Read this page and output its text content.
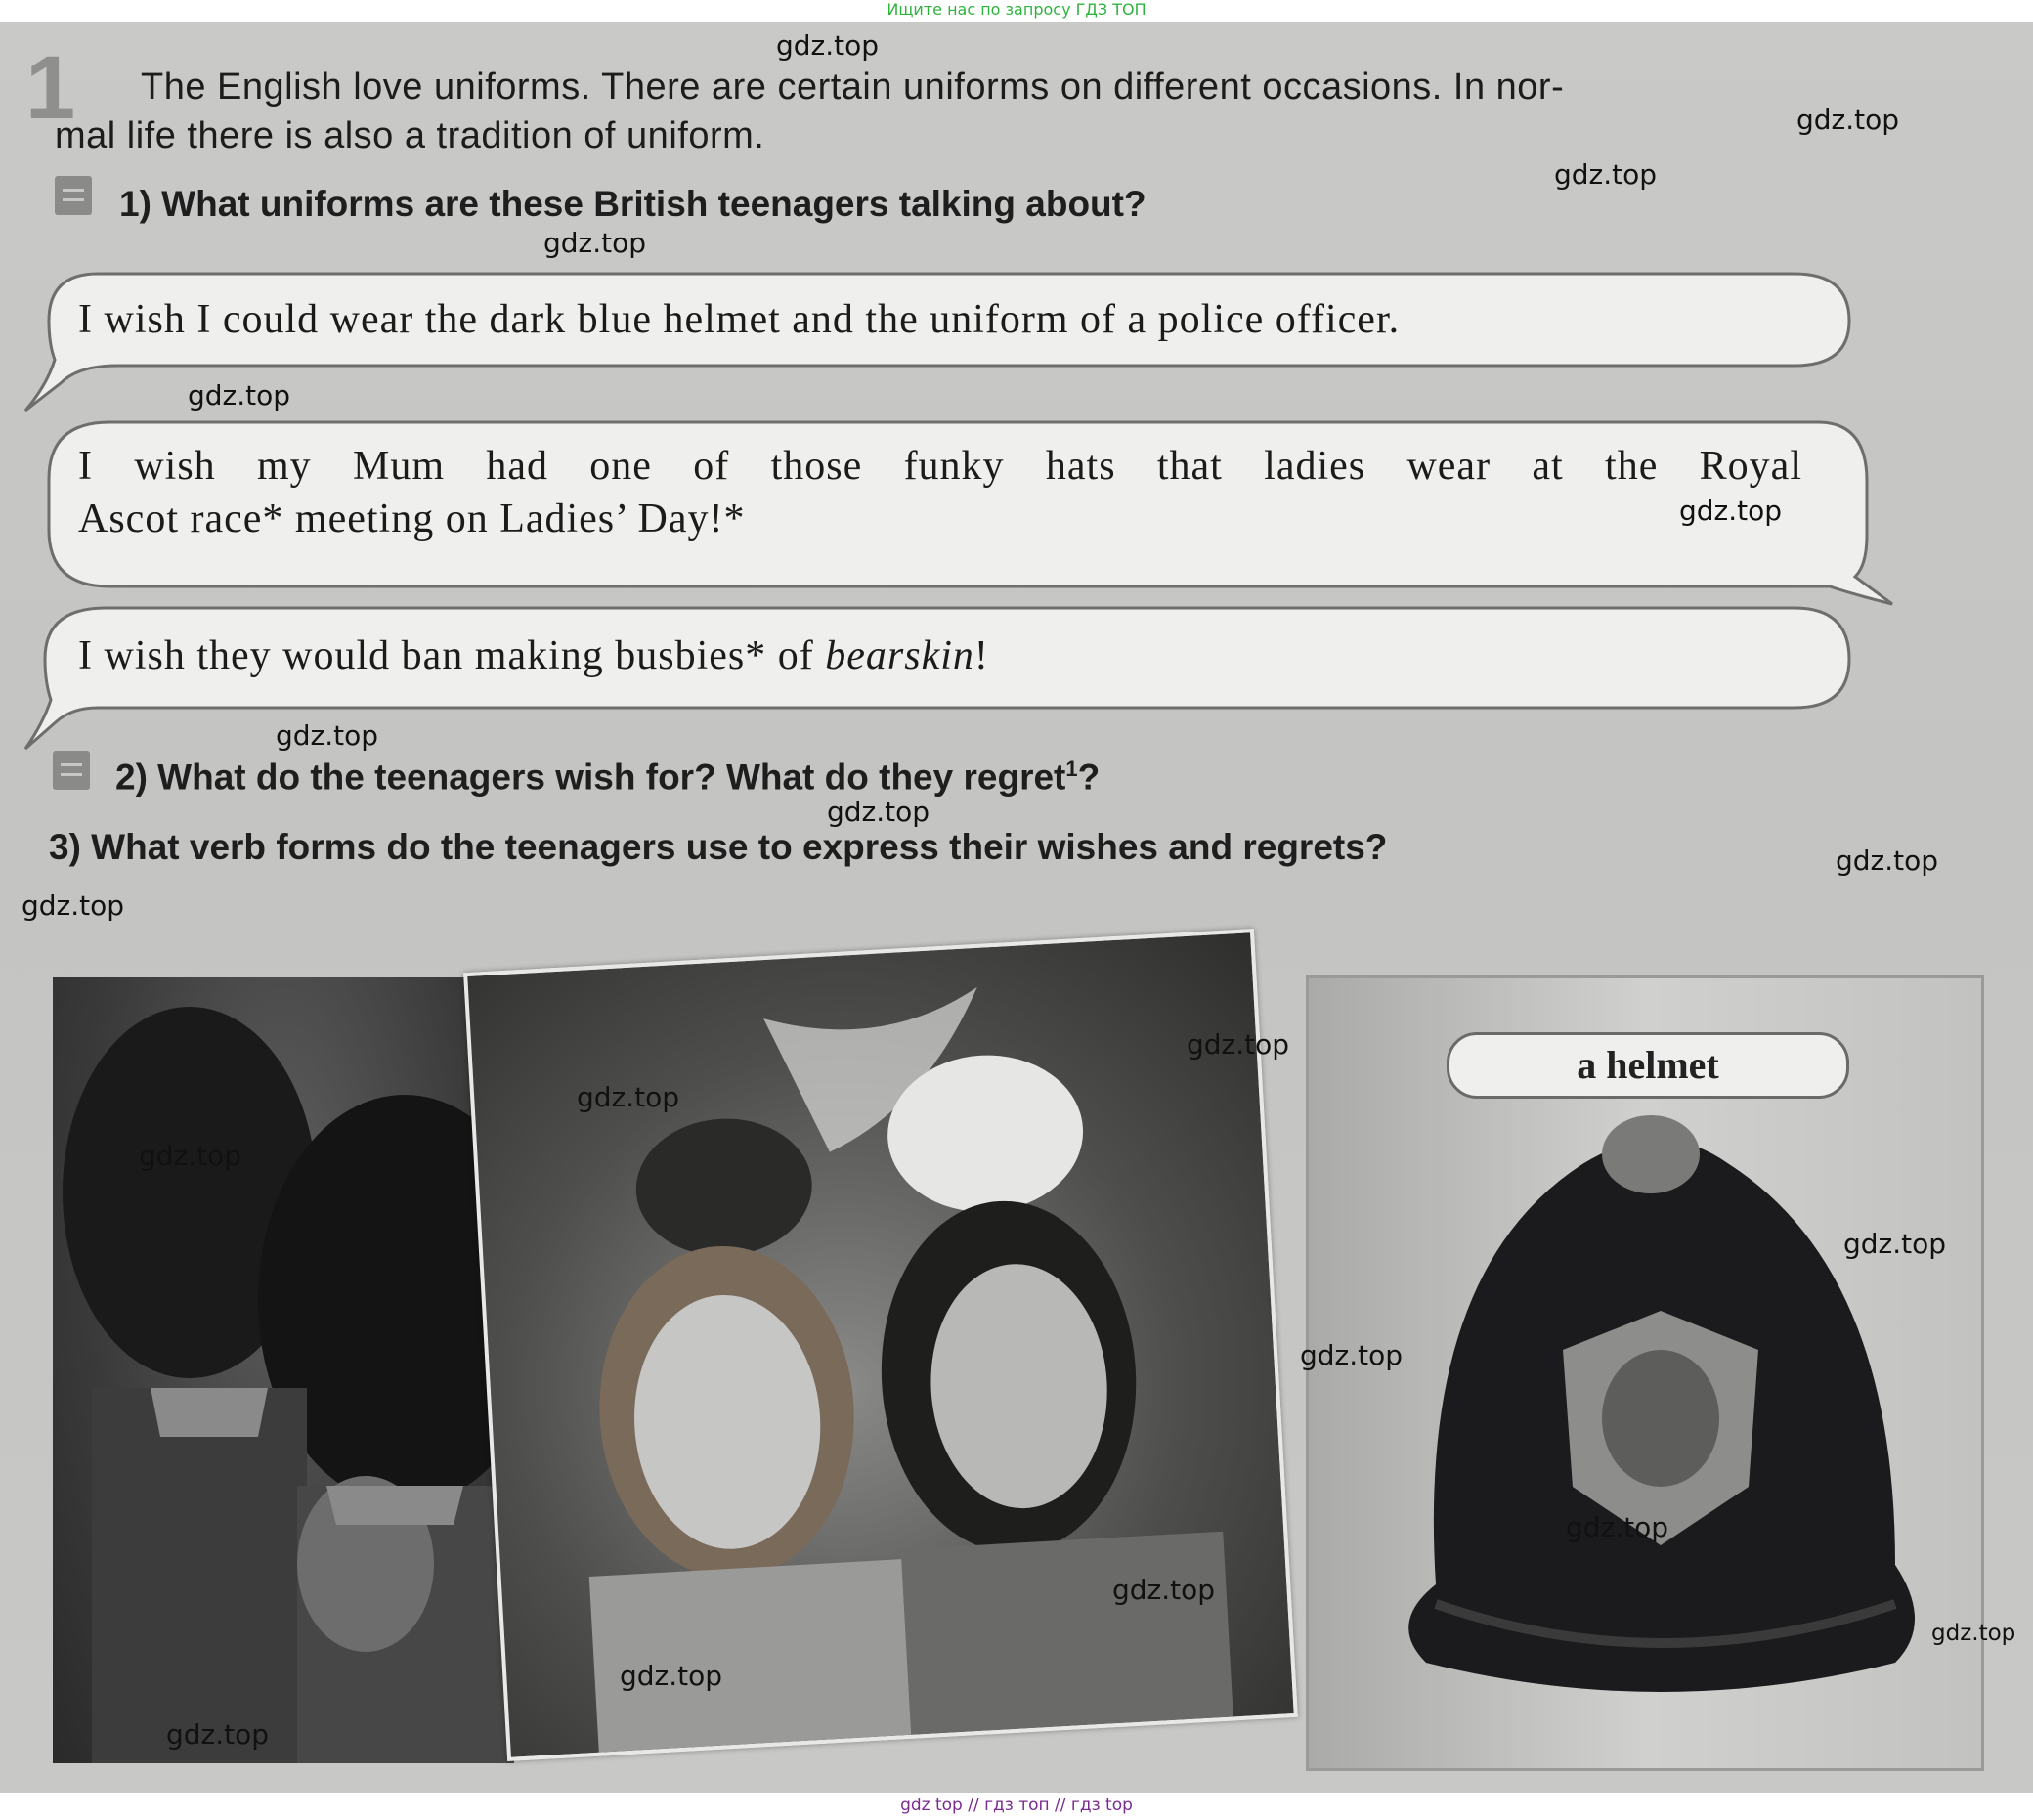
Ищите нас по запросу ГДЗ ТОП
1	The English love uniforms. There are certain uniforms on different occasions. In nor-
mal life there is also a tradition of uniform.
1) What uniforms are these British teenagers talking about?
I wish I could wear the dark blue helmet and the uniform of a police officer.
I wish my Mum had one of those funky hats that ladies wear at the Royal
Ascot race* meeting on Ladies’ Day!*
I wish they would ban making busbies* of bearskin!
2) What do the teenagers wish for? What do they regret$^1$?
3) What verb forms do the teenagers use to express their wishes and regrets?
a helmet
gdz.top
gdz.top
gdz.top
gdz.top
gdz.top
gdz.top
gdz.top
gdz.top
gdz.top
gdz.top
gdz.top
gdz.top
gdz.top
gdz.top
gdz.top
gdz.top
gdz.top
gdz.top
gdz.top
gdz.top
gdz top // гдз топ // гдз top
